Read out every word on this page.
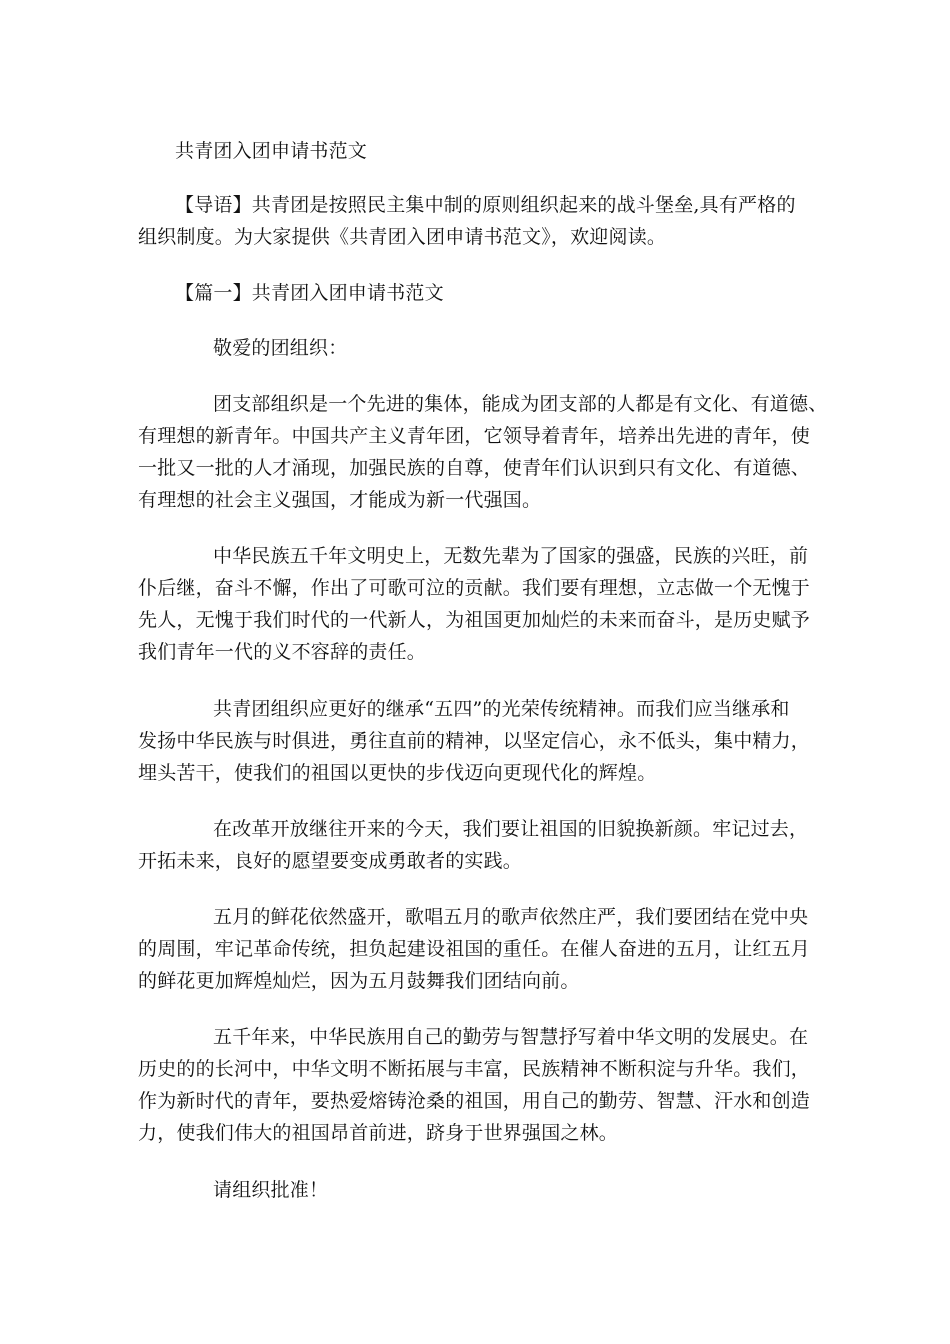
共青团入团申请书范文
【导语】共青团是按照民主集中制的原则组织起来的战斗堡垒,具有严格的
组织制度。为大家提供《共青团入团申请书范文》，欢迎阅读。
【篇一】共青团入团申请书范文
敬爱的团组织：
团支部组织是一个先进的集体，能成为团支部的人都是有文化、有道德、
有理想的新青年。中国共产主义青年团，它领导着青年，培养出先进的青年，使
一批又一批的人才涌现，加强民族的自尊，使青年们认识到只有文化、有道德、
有理想的社会主义强国，才能成为新一代强国。
中华民族五千年文明史上，无数先辈为了国家的强盛，民族的兴旺，前
仆后继，奋斗不懈，作出了可歌可泣的贡献。我们要有理想，立志做一个无愧于
先人，无愧于我们时代的一代新人，为祖国更加灿烂的未来而奋斗，是历史赋予
我们青年一代的义不容辞的责任。
共青团组织应更好的继承“五四”的光荣传统精神。而我们应当继承和
发扬中华民族与时俱进，勇往直前的精神，以坚定信心，永不低头，集中精力，
埋头苦干，使我们的祖国以更快的步伐迈向更现代化的辉煌。
在改革开放继往开来的今天，我们要让祖国的旧貌换新颜。牢记过去，
开拓未来，良好的愿望要变成勇敢者的实践。
五月的鲜花依然盛开，歌唱五月的歌声依然庄严，我们要团结在党中央
的周围，牢记革命传统，担负起建设祖国的重任。在催人奋进的五月，让红五月
的鲜花更加辉煌灿烂，因为五月鼓舞我们团结向前。
五千年来，中华民族用自己的勤劳与智慧抒写着中华文明的发展史。在
历史的的长河中，中华文明不断拓展与丰富，民族精神不断积淀与升华。我们，
作为新时代的青年，要热爱熔铸沧桑的祖国，用自己的勤劳、智慧、汗水和创造
力，使我们伟大的祖国昂首前进，跻身于世界强国之林。
请组织批准！
